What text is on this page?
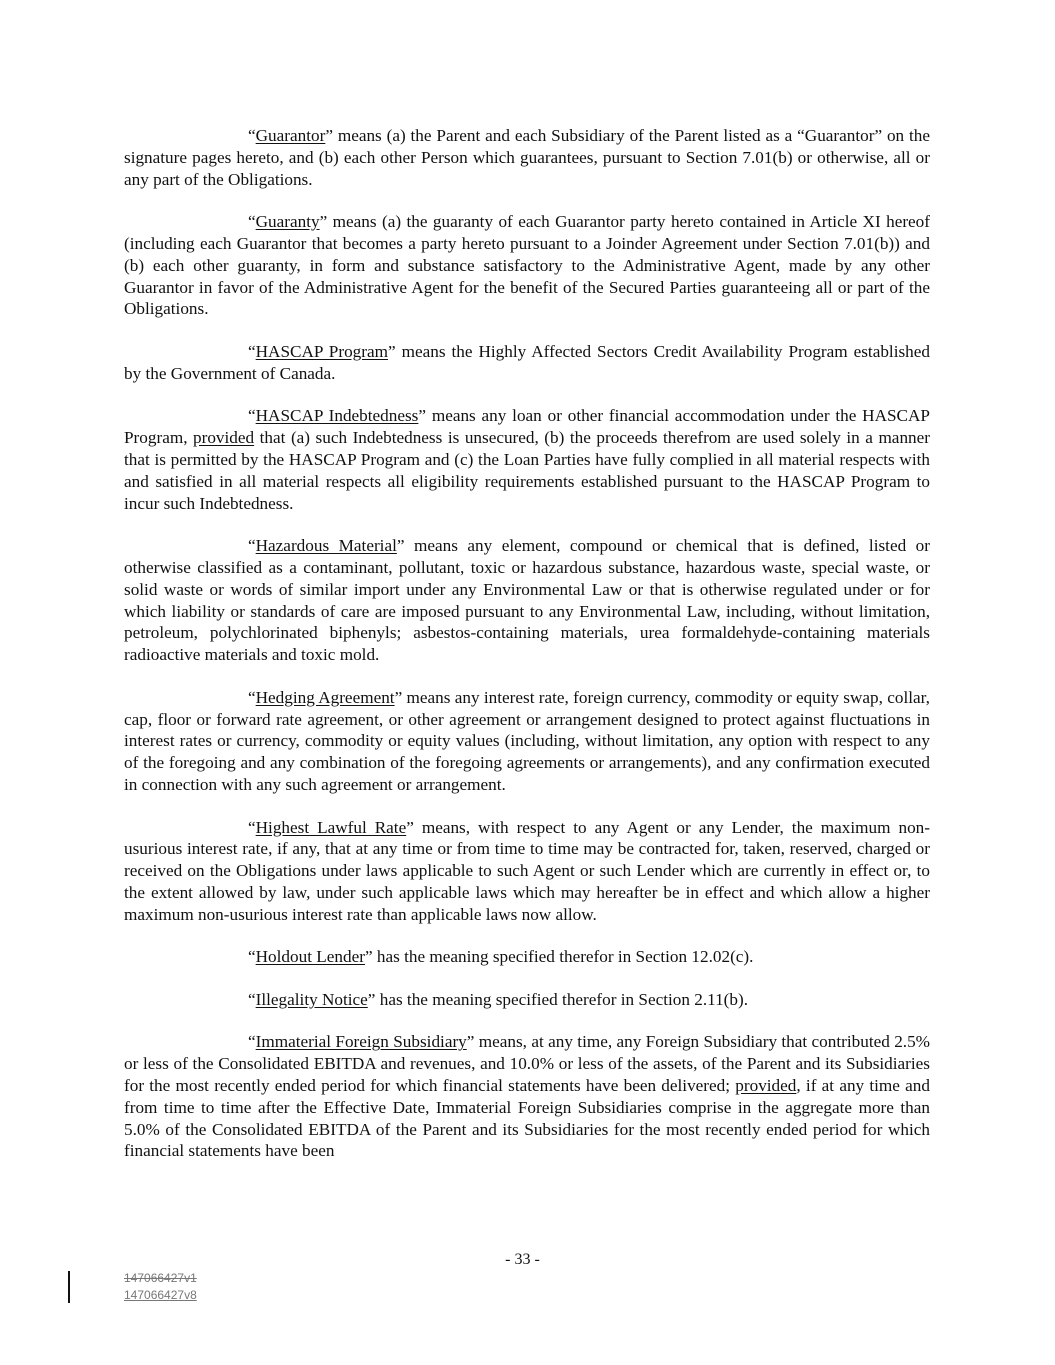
“Guarantor” means (a) the Parent and each Subsidiary of the Parent listed as a “Guarantor” on the signature pages hereto, and (b) each other Person which guarantees, pursuant to Section 7.01(b) or otherwise, all or any part of the Obligations.

“Guaranty” means (a) the guaranty of each Guarantor party hereto contained in Article XI hereof (including each Guarantor that becomes a party hereto pursuant to a Joinder Agreement under Section 7.01(b)) and (b) each other guaranty, in form and substance satisfactory to the Administrative Agent, made by any other Guarantor in favor of the Administrative Agent for the benefit of the Secured Parties guaranteeing all or part of the Obligations.

“HASCAP Program” means the Highly Affected Sectors Credit Availability Program established by the Government of Canada.

“HASCAP Indebtedness” means any loan or other financial accommodation under the HASCAP Program, provided that (a) such Indebtedness is unsecured, (b) the proceeds therefrom are used solely in a manner that is permitted by the HASCAP Program and (c) the Loan Parties have fully complied in all material respects with and satisfied in all material respects all eligibility requirements established pursuant to the HASCAP Program to incur such Indebtedness.

“Hazardous Material” means any element, compound or chemical that is defined, listed or otherwise classified as a contaminant, pollutant, toxic or hazardous substance, hazardous waste, special waste, or solid waste or words of similar import under any Environmental Law or that is otherwise regulated under or for which liability or standards of care are imposed pursuant to any Environmental Law, including, without limitation, petroleum, polychlorinated biphenyls; asbestos-containing materials, urea formaldehyde-containing materials radioactive materials and toxic mold.

“Hedging Agreement” means any interest rate, foreign currency, commodity or equity swap, collar, cap, floor or forward rate agreement, or other agreement or arrangement designed to protect against fluctuations in interest rates or currency, commodity or equity values (including, without limitation, any option with respect to any of the foregoing and any combination of the foregoing agreements or arrangements), and any confirmation executed in connection with any such agreement or arrangement.

“Highest Lawful Rate” means, with respect to any Agent or any Lender, the maximum non-usurious interest rate, if any, that at any time or from time to time may be contracted for, taken, reserved, charged or received on the Obligations under laws applicable to such Agent or such Lender which are currently in effect or, to the extent allowed by law, under such applicable laws which may hereafter be in effect and which allow a higher maximum non-usurious interest rate than applicable laws now allow.

“Holdout Lender” has the meaning specified therefor in Section 12.02(c).

“Illegality Notice” has the meaning specified therefor in Section 2.11(b).

“Immaterial Foreign Subsidiary” means, at any time, any Foreign Subsidiary that contributed 2.5% or less of the Consolidated EBITDA and revenues, and 10.0% or less of the assets, of the Parent and its Subsidiaries for the most recently ended period for which financial statements have been delivered; provided, if at any time and from time to time after the Effective Date, Immaterial Foreign Subsidiaries comprise in the aggregate more than 5.0% of the Consolidated EBITDA of the Parent and its Subsidiaries for the most recently ended period for which financial statements have been

- 33 -
147066427v1
147066427v8
